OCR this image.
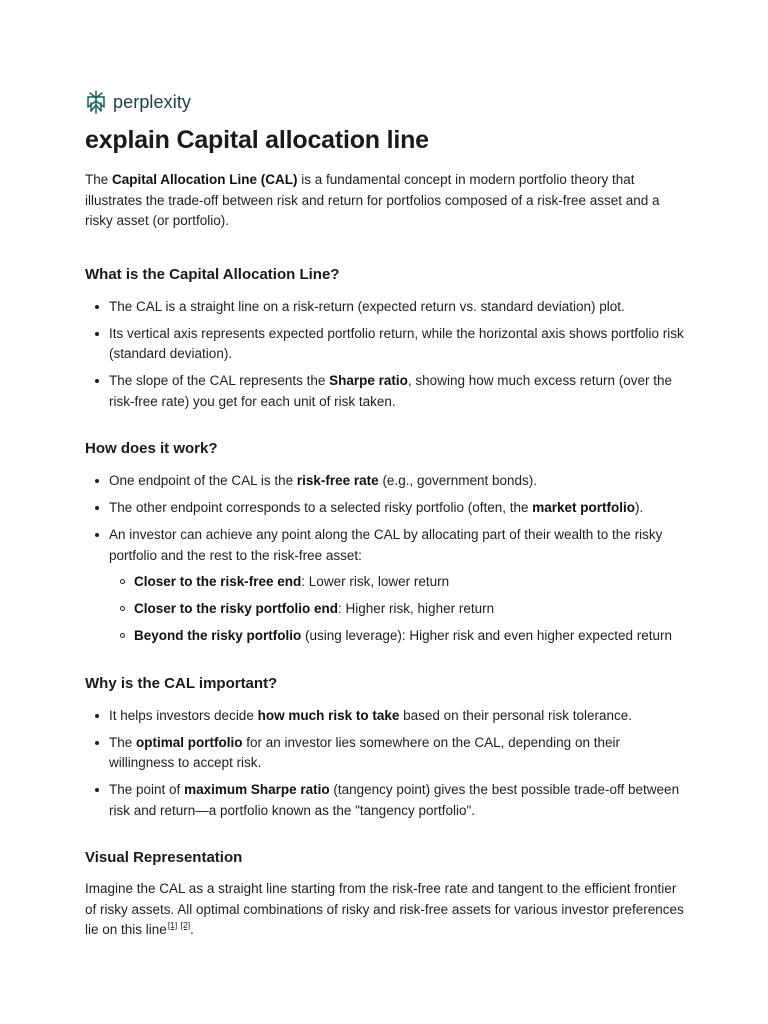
perplexity
explain Capital allocation line

The Capital Allocation Line (CAL) is a fundamental concept in modern portfolio theory that illustrates the trade-off between risk and return for portfolios composed of a risk-free asset and a risky asset (or portfolio).

What is the Capital Allocation Line?
The CAL is a straight line on a risk-return (expected return vs. standard deviation) plot.
Its vertical axis represents expected portfolio return, while the horizontal axis shows portfolio risk (standard deviation).
The slope of the CAL represents the Sharpe ratio, showing how much excess return (over the risk-free rate) you get for each unit of risk taken.
How does it work?
One endpoint of the CAL is the risk-free rate (e.g., government bonds).
The other endpoint corresponds to a selected risky portfolio (often, the market portfolio).
An investor can achieve any point along the CAL by allocating part of their wealth to the risky portfolio and the rest to the risk-free asset:
Closer to the risk-free end: Lower risk, lower return
Closer to the risky portfolio end: Higher risk, higher return
Beyond the risky portfolio (using leverage): Higher risk and even higher expected return
Why is the CAL important?
It helps investors decide how much risk to take based on their personal risk tolerance.
The optimal portfolio for an investor lies somewhere on the CAL, depending on their willingness to accept risk.
The point of maximum Sharpe ratio (tangency point) gives the best possible trade-off between risk and return—a portfolio known as the "tangency portfolio".
Visual Representation

Imagine the CAL as a straight line starting from the risk-free rate and tangent to the efficient frontier of risky assets. All optimal combinations of risky and risk-free assets for various investor preferences lie on this line[1] [2].
